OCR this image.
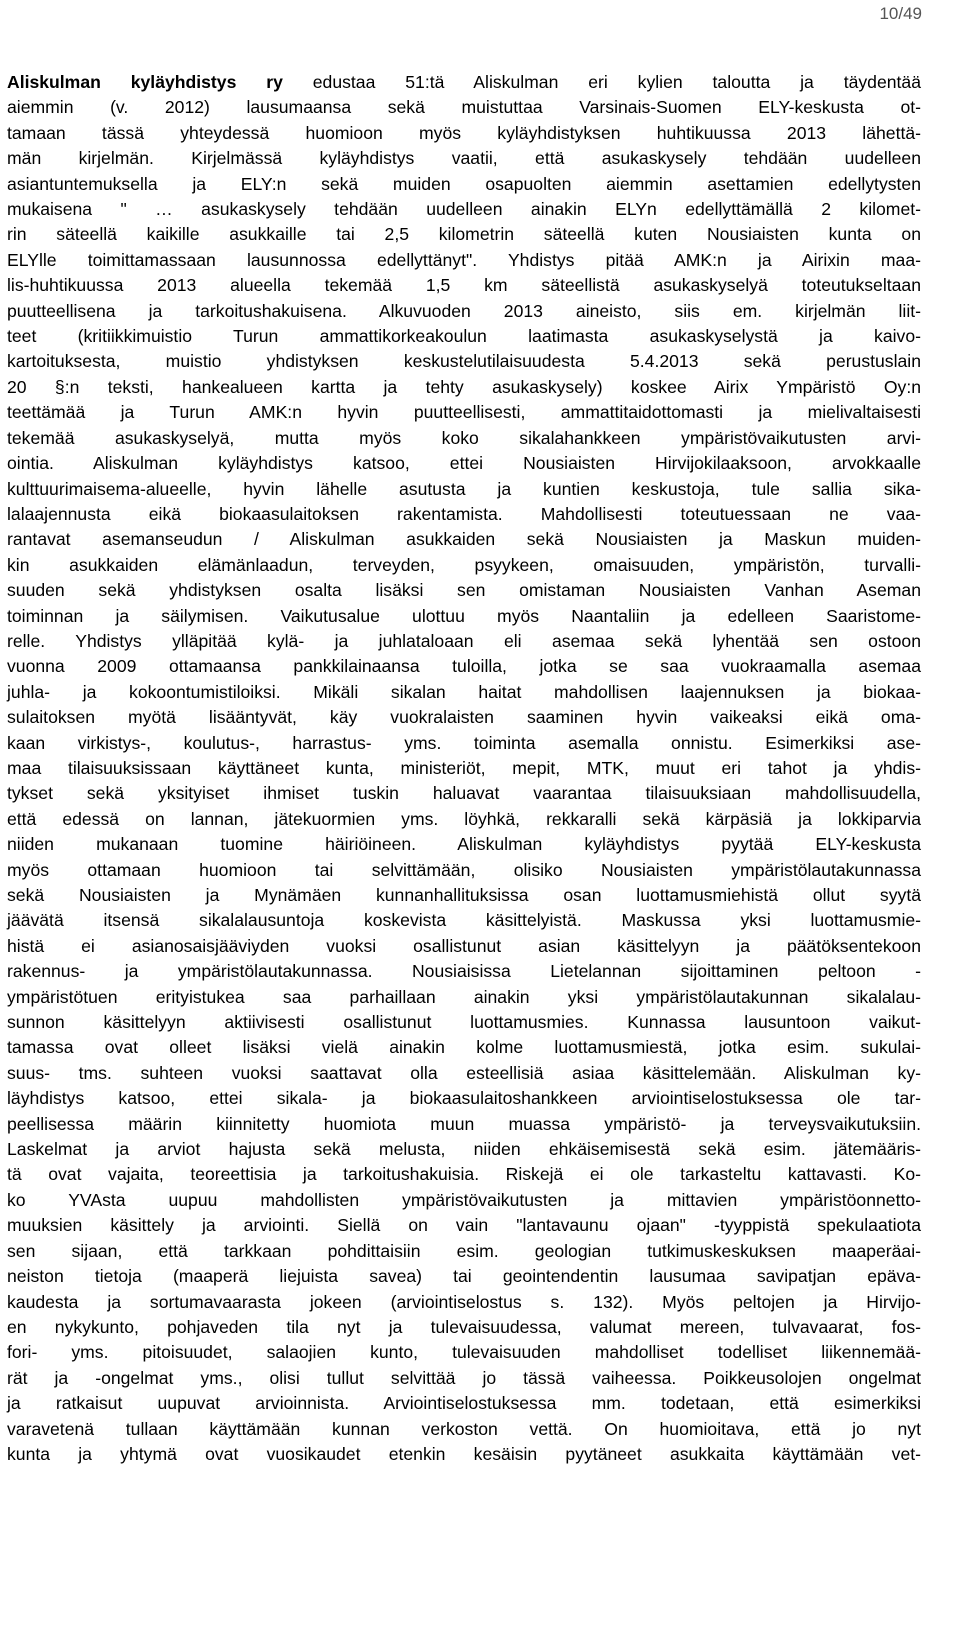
10/49
Aliskulman kyläyhdistys ry edustaa 51:tä Aliskulman eri kylien taloutta ja täydentää
aiemmin (v. 2012) lausumaansa sekä muistuttaa Varsinais-Suomen ELY-keskusta ot-
tamaan tässä yhteydessä huomioon myös kyläyhdistyksen huhtikuussa 2013 lähettä-
män kirjelmän. Kirjelmässä kyläyhdistys vaatii, että asukaskysely tehdään uudelleen
asiantuntemuksella ja ELY:n sekä muiden osapuolten aiemmin asettamien edellytysten
mukaisena " … asukaskysely tehdään uudelleen ainakin ELYn edellyttämällä 2 kilomet-
rin säteellä kaikille asukkaille tai 2,5 kilometrin säteellä kuten Nousiaisten kunta on
ELYlle toimittamassaan lausunnossa edellyttänyt". Yhdistys pitää AMK:n ja Airixin maa-
lis-huhtikuussa 2013 alueella tekemää 1,5 km säteellistä asukaskyselyä toteutukseltaan
puutteellisena ja tarkoitushakuisena. Alkuvuoden 2013 aineisto, siis em. kirjelmän liit-
teet (kritiikkimuistio Turun ammattikorkeakoulun laatimasta asukaskyselystä ja kaivo-
kartoituksesta, muistio yhdistyksen keskustelutilaisuudesta 5.4.2013 sekä perustuslain
20 §:n teksti, hankealueen kartta ja tehty asukaskysely) koskee Airix Ympäristö Oy:n
teettämää ja Turun AMK:n hyvin puutteellisesti, ammattitaidottomasti ja mielivaltaisesti
tekemää asukaskyselyä, mutta myös koko sikalahankkeen ympäristövaikutusten arvi-
ointia. Aliskulman kyläyhdistys katsoo, ettei Nousiaisten Hirvijokilaaksoon, arvokkaalle
kulttuurimaisema-alueelle, hyvin lähelle asutusta ja kuntien keskustoja, tule sallia sika-
lalaajennusta eikä biokaasulaitoksen rakentamista. Mahdollisesti toteutuessaan ne vaa-
rantavat asemanseudun / Aliskulman asukkaiden sekä Nousiaisten ja Maskun muiden-
kin asukkaiden elämänlaadun, terveyden, psyykeen, omaisuuden, ympäristön, turvalli-
suuden sekä yhdistyksen osalta lisäksi sen omistaman Nousiaisten Vanhan Aseman
toiminnan ja säilymisen. Vaikutusalue ulottuu myös Naantaliin ja edelleen Saaristome-
relle. Yhdistys ylläpitää kylä- ja juhlataloaan eli asemaa sekä lyhentää sen ostoon
vuonna 2009 ottamaansa pankkilainaansa tuloilla, jotka se saa vuokraamalla asemaa
juhla- ja kokoontumistiloiksi. Mikäli sikalan haitat mahdollisen laajennuksen ja biokaa-
sulaitoksen myötä lisääntyvät, käy vuokralaisten saaminen hyvin vaikeaksi eikä oma-
kaan virkistys-, koulutus-, harrastus- yms. toiminta asemalla onnistu. Esimerkiksi ase-
maa tilaisuuksissaan käyttäneet kunta, ministeriöt, mepit, MTK, muut eri tahot ja yhdis-
tykset sekä yksityiset ihmiset tuskin haluavat vaarantaa tilaisuuksiaan mahdollisuudella,
että edessä on lannan, jätekuormien yms. löyhkä, rekkaralli sekä kärpäsiä ja lokkiparvia
niiden mukanaan tuomine häiriöineen. Aliskulman kyläyhdistys pyytää ELY-keskusta
myös ottamaan huomioon tai selvittämään, olisiko Nousiaisten ympäristölautakunnassa
sekä Nousiaisten ja Mynämäen kunnanhallituksissa osan luottamusmiehistä ollut syytä
jäävätä itsensä sikalalausuntoja koskevista käsittelyistä. Maskussa yksi luottamusmie-
histä ei asianosaisjääviyden vuoksi osallistunut asian käsittelyyn ja päätöksentekoon
rakennus- ja ympäristölautakunnassa. Nousiaisissa Lietelannan sijoittaminen peltoon -
ympäristötuen erityistukea saa parhaillaan ainakin yksi ympäristölautakunnan sikalalau-
sunnon käsittelyyn aktiivisesti osallistunut luottamusmies. Kunnassa lausuntoon vaikut-
tamassa ovat olleet lisäksi vielä ainakin kolme luottamusmiestä, jotka esim. sukulai-
suus- tms. suhteen vuoksi saattavat olla esteellisiä asiaa käsittelemään. Aliskulman ky-
läyhdistys katsoo, ettei sikala- ja biokaasulaitoshankkeen arviointiselostuksessa ole tar-
peellisessa määrin kiinnitetty huomiota muun muassa ympäristö- ja terveysvaikutuksiin.
Laskelmat ja arviot hajusta sekä melusta, niiden ehkäisemisestä sekä esim. jätemääris-
tä ovat vajaita, teoreettisia ja tarkoitushakuisia. Riskejä ei ole tarkasteltu kattavasti. Ko-
ko YVAsta uupuu mahdollisten ympäristövaikutusten ja mittavien ympäristöonnetto-
muuksien käsittely ja arviointi. Siellä on vain "lantavaunu ojaan" -tyyppistä spekulaatiota
sen sijaan, että tarkkaan pohdittaisiin esim. geologian tutkimuskeskuksen maaperäai-
neiston tietoja (maaperä liejuista savea) tai geointendentin lausumaa savipatjan epäva-
kaudesta ja sortumavaarasta jokeen (arviointiselostus s. 132). Myös peltojen ja Hirvijo-
en nykykunto, pohjaveden tila nyt ja tulevaisuudessa, valumat mereen, tulvavaarat, fos-
fori- yms. pitoisuudet, salaojien kunto, tulevaisuuden mahdolliset todelliset liikennemää-
rät ja -ongelmat yms., olisi tullut selvittää jo tässä vaiheessa. Poikkeusolojen ongelmat
ja ratkaisut uupuvat arvioinnista. Arviointiselostuksessa mm. todetaan, että esimerkiksi
varavetenä tullaan käyttämään kunnan verkoston vettä. On huomioitava, että jo nyt
kunta ja yhtymä ovat vuosikaudet etenkin kesäisin pyytäneet asukkaita käyttämään vet-
